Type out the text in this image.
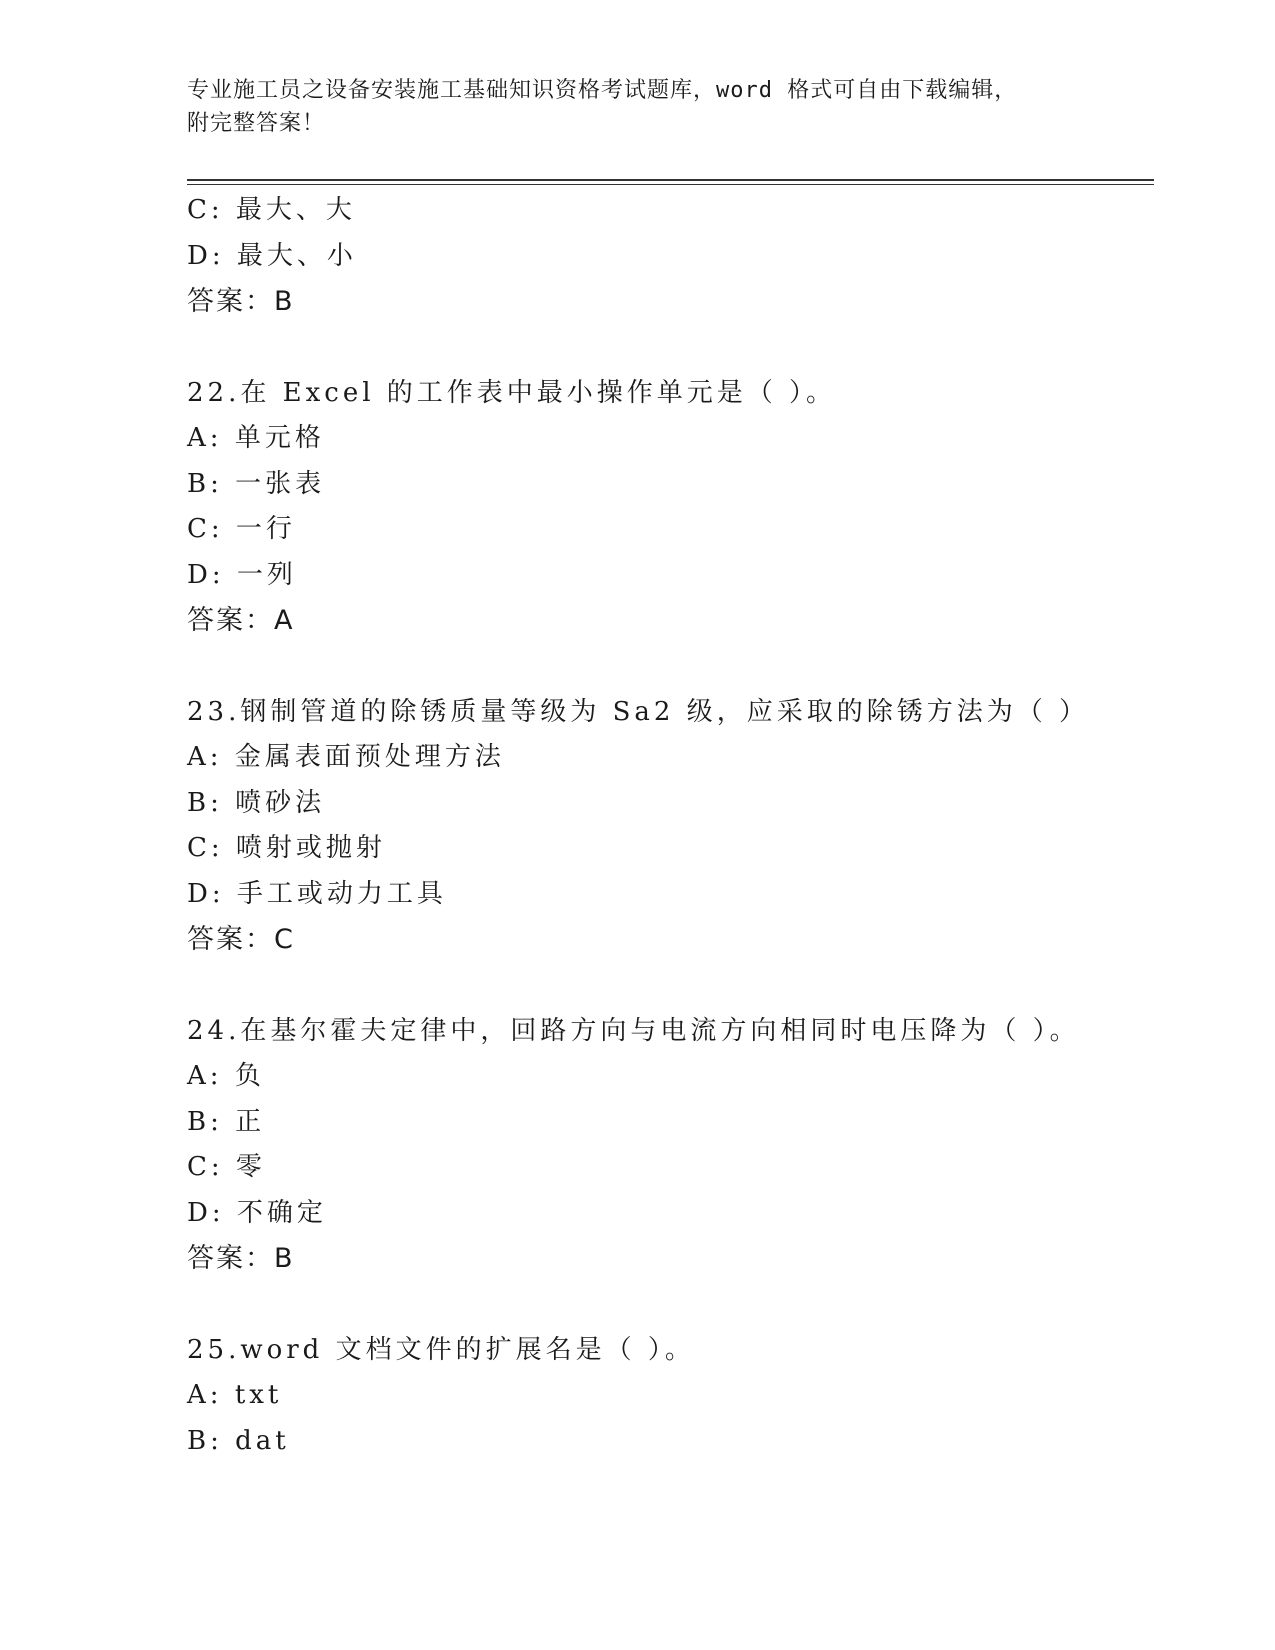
专业施工员之设备安装施工基础知识资格考试题库，word 格式可自由下载编辑，
附完整答案！
C: 最大、大
D: 最大、小
答案：B
22.在 Excel 的工作表中最小操作单元是（ ）。
A: 单元格
B: 一张表
C: 一行
D: 一列
答案：A
23.钢制管道的除锈质量等级为 Sa2 级，应采取的除锈方法为（ ）
A: 金属表面预处理方法
B: 喷砂法
C: 喷射或抛射
D: 手工或动力工具
答案：C
24.在基尔霍夫定律中，回路方向与电流方向相同时电压降为（ ）。
A: 负
B: 正
C: 零
D: 不确定
答案：B
25.word 文档文件的扩展名是（ ）。
A: txt
B: dat
